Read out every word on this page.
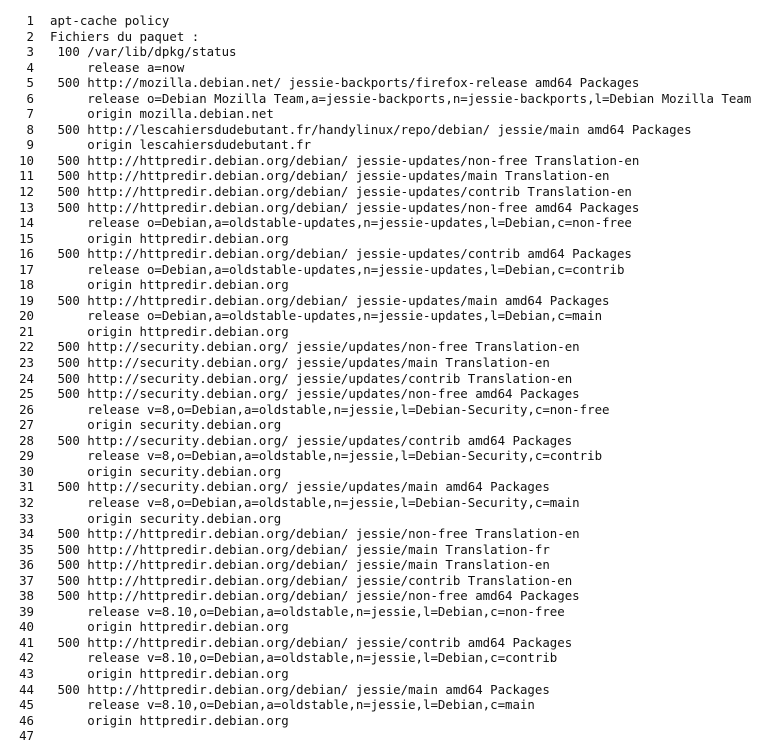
1	apt-cache policy
2	Fichiers du paquet :
3	100 /var/lib/dpkg/status
4	release a=now
5	500 http://mozilla.debian.net/ jessie-backports/firefox-release amd64 Packages
6	release o=Debian Mozilla Team,a=jessie-backports,n=jessie-backports,l=Debian Mozilla Team
7	origin mozilla.debian.net
8	500 http://lescahiersdudebutant.fr/handylinux/repo/debian/ jessie/main amd64 Packages
9	origin lescahiersdudebutant.fr
10	500 http://httpredir.debian.org/debian/ jessie-updates/non-free Translation-en
11	500 http://httpredir.debian.org/debian/ jessie-updates/main Translation-en
12	500 http://httpredir.debian.org/debian/ jessie-updates/contrib Translation-en
13	500 http://httpredir.debian.org/debian/ jessie-updates/non-free amd64 Packages
14	release o=Debian,a=oldstable-updates,n=jessie-updates,l=Debian,c=non-free
15	origin httpredir.debian.org
16	500 http://httpredir.debian.org/debian/ jessie-updates/contrib amd64 Packages
17	release o=Debian,a=oldstable-updates,n=jessie-updates,l=Debian,c=contrib
18	origin httpredir.debian.org
19	500 http://httpredir.debian.org/debian/ jessie-updates/main amd64 Packages
20	release o=Debian,a=oldstable-updates,n=jessie-updates,l=Debian,c=main
21	origin httpredir.debian.org
22	500 http://security.debian.org/ jessie/updates/non-free Translation-en
23	500 http://security.debian.org/ jessie/updates/main Translation-en
24	500 http://security.debian.org/ jessie/updates/contrib Translation-en
25	500 http://security.debian.org/ jessie/updates/non-free amd64 Packages
26	release v=8,o=Debian,a=oldstable,n=jessie,l=Debian-Security,c=non-free
27	origin security.debian.org
28	500 http://security.debian.org/ jessie/updates/contrib amd64 Packages
29	release v=8,o=Debian,a=oldstable,n=jessie,l=Debian-Security,c=contrib
30	origin security.debian.org
31	500 http://security.debian.org/ jessie/updates/main amd64 Packages
32	release v=8,o=Debian,a=oldstable,n=jessie,l=Debian-Security,c=main
33	origin security.debian.org
34	500 http://httpredir.debian.org/debian/ jessie/non-free Translation-en
35	500 http://httpredir.debian.org/debian/ jessie/main Translation-fr
36	500 http://httpredir.debian.org/debian/ jessie/main Translation-en
37	500 http://httpredir.debian.org/debian/ jessie/contrib Translation-en
38	500 http://httpredir.debian.org/debian/ jessie/non-free amd64 Packages
39	release v=8.10,o=Debian,a=oldstable,n=jessie,l=Debian,c=non-free
40	origin httpredir.debian.org
41	500 http://httpredir.debian.org/debian/ jessie/contrib amd64 Packages
42	release v=8.10,o=Debian,a=oldstable,n=jessie,l=Debian,c=contrib
43	origin httpredir.debian.org
44	500 http://httpredir.debian.org/debian/ jessie/main amd64 Packages
45	release v=8.10,o=Debian,a=oldstable,n=jessie,l=Debian,c=main
46	origin httpredir.debian.org
47
